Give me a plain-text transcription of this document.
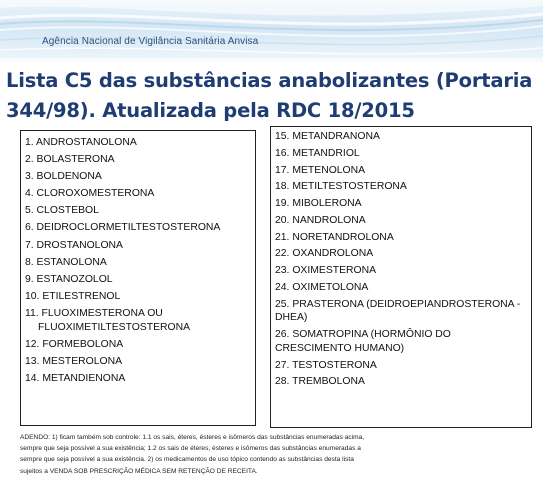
Agência Nacional de Vigilância Sanitária Anvisa
Lista C5 das substâncias anabolizantes (Portaria
344/98). Atualizada pela RDC 18/2015
1. ANDROSTANOLONA
2. BOLASTERONA
3. BOLDENONA
4. CLOROXOMESTERONA
5. CLOSTEBOL
6. DEIDROCLORMETILTESTOSTERONA
7. DROSTANOLONA
8. ESTANOLONA
9. ESTANOZOLOL
10. ETILESTRENOL
11. FLUOXIMESTERONA OU
FLUOXIMETILTESTOSTERONA
12. FORMEBOLONA
13. MESTEROLONA
14. METANDIENONA
15. METANDRANONA
16. METANDRIOL
17. METENOLONA
18. METILTESTOSTERONA
19. MIBOLERONA
20. NANDROLONA
21. NORETANDROLONA
22. OXANDROLONA
23. OXIMESTERONA
24. OXIMETOLONA
25. PRASTERONA (DEIDROEPIANDROSTERONA - DHEA)
26. SOMATROPINA (HORMÔNIO DO CRESCIMENTO HUMANO)
27. TESTOSTERONA
28. TREMBOLONA
ADENDO: 1) ficam também sob controle: 1.1 os sais, éteres, ésteres e isômeros das substâncias enumeradas acima,
sempre que seja possível a sua existência; 1.2 os sais de éteres, ésteres e isômeros das substâncias enumeradas a
sempre que seja possível a sua existência. 2) os medicamentos de uso tópico contendo as substâncias desta lista
sujeitos a VENDA SOB PRESCRIÇÃO MÉDICA SEM RETENÇÃO DE RECEITA.
